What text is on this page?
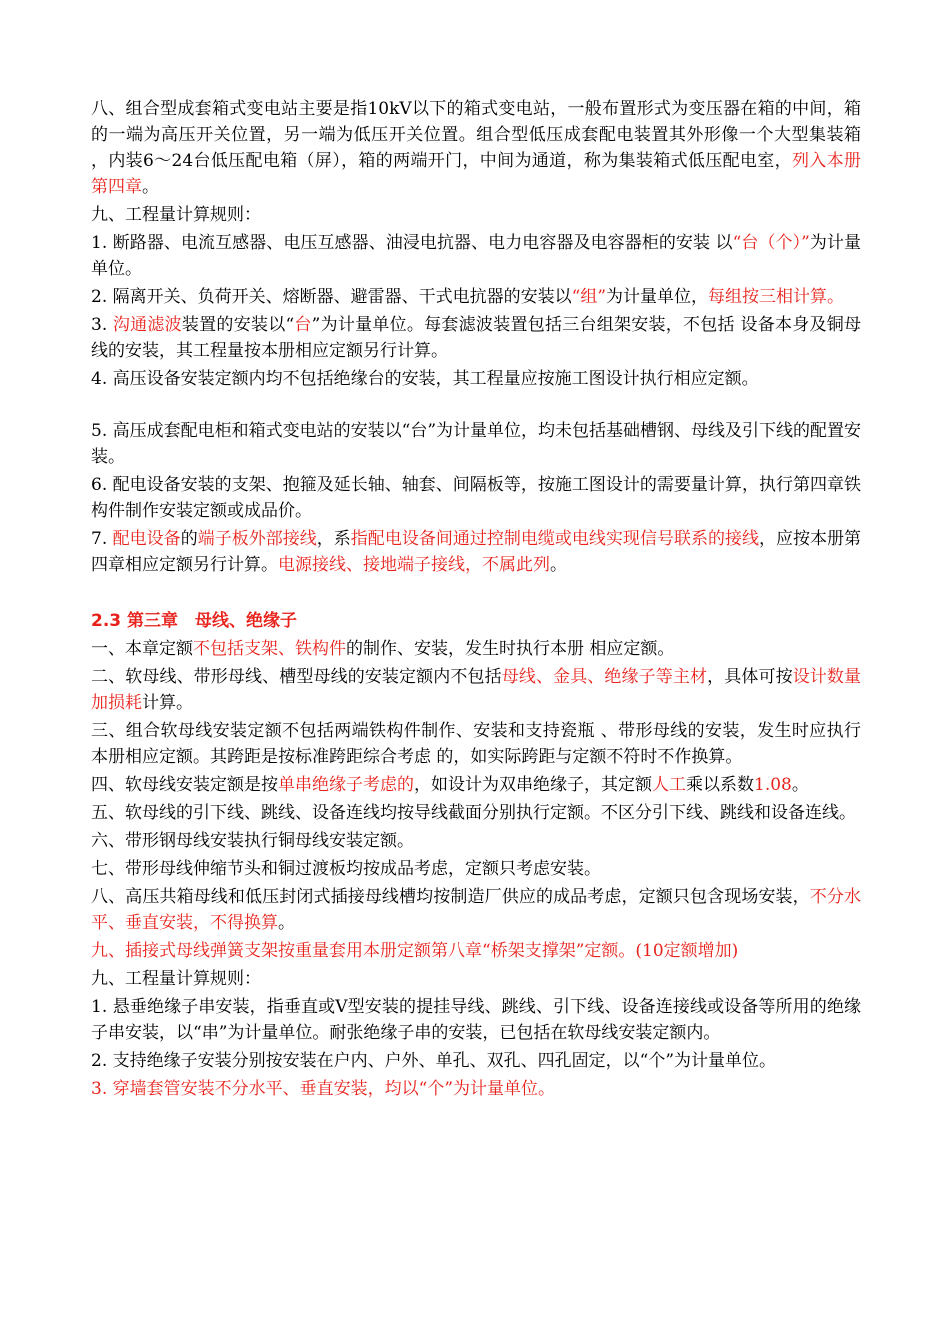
八、组合型成套箱式变电站主要是指10kV以下的箱式变电站，一般布置形式为变压器在箱的中间，箱的一端为高压开关位置，另一端为低压开关位置。组合型低压成套配电装置其外形像一个大型集装箱 ，内装6～24台低压配电箱（屏），箱的两端开门，中间为通道，称为集装箱式低压配电室，列入本册第四章。

九、工程量计算规则：

1. 断路器、电流互感器、电压互感器、油浸电抗器、电力电容器及电容器柜的安装 以“台（个）”为计量单位。

2. 隔离开关、负荷开关、熔断器、避雷器、干式电抗器的安装以“组”为计量单位，每组按三相计算。

3. 沟通滤波装置的安装以“台”为计量单位。每套滤波装置包括三台组架安装，不包括 设备本身及铜母线的安装，其工程量按本册相应定额另行计算。

4. 高压设备安装定额内均不包括绝缘台的安装，其工程量应按施工图设计执行相应定额。

5. 高压成套配电柜和箱式变电站的安装以“台”为计量单位，均未包括基础槽钢、母线及引下线的配置安装。

6. 配电设备安装的支架、抱箍及延长轴、轴套、间隔板等，按施工图设计的需要量计算，执行第四章铁构件制作安装定额或成品价。

7. 配电设备的端子板外部接线，系指配电设备间通过控制电缆或电线实现信号联系的接线，应按本册第四章相应定额另行计算。电源接线、接地端子接线，不属此列。

2.3 第三章　母线、绝缘子

一、本章定额不包括支架、铁构件的制作、安装，发生时执行本册 相应定额。

二、软母线、带形母线、槽型母线的安装定额内不包括母线、金具、绝缘子等主材，具体可按设计数量加损耗计算。

三、组合软母线安装定额不包括两端铁构件制作、安装和支持瓷瓶 、带形母线的安装，发生时应执行本册相应定额。其跨距是按标准跨距综合考虑 的，如实际跨距与定额不符时不作换算。

四、软母线安装定额是按单串绝缘子考虑的，如设计为双串绝缘子，其定额人工乘以系数1.08。

五、软母线的引下线、跳线、设备连线均按导线截面分别执行定额。不区分引下线、跳线和设备连线。

六、带形钢母线安装执行铜母线安装定额。

七、带形母线伸缩节头和铜过渡板均按成品考虑，定额只考虑安装。

八、高压共箱母线和低压封闭式插接母线槽均按制造厂供应的成品考虑，定额只包含现场安装，不分水平、垂直安装，不得换算。

九、插接式母线弹簧支架按重量套用本册定额第八章“桥架支撑架”定额。(10定额增加)

九、工程量计算规则：

1. 悬垂绝缘子串安装，指垂直或V型安装的提挂导线、跳线、引下线、设备连接线或设备等所用的绝缘子串安装，以“串”为计量单位。耐张绝缘子串的安装，已包括在软母线安装定额内。

2. 支持绝缘子安装分别按安装在户内、户外、单孔、双孔、四孔固定，以“个”为计量单位。

3. 穿墙套管安装不分水平、垂直安装，均以“个”为计量单位。
